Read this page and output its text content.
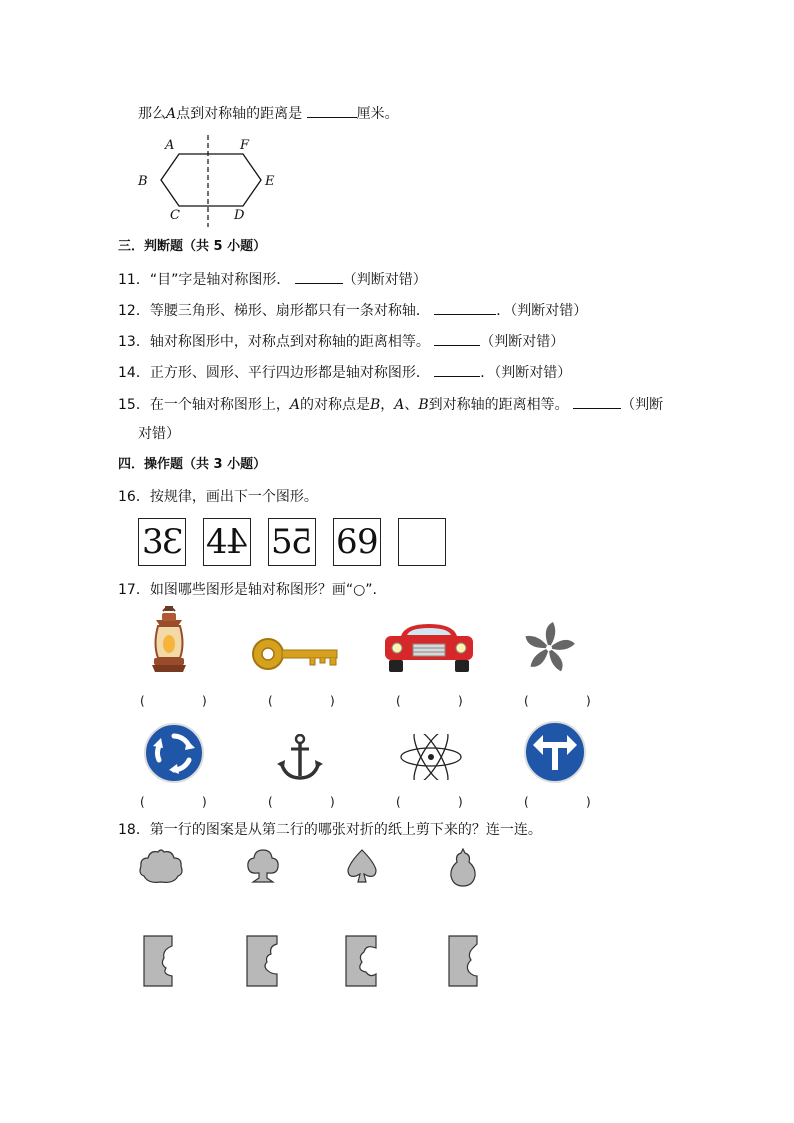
那么A点到对称轴的距离是	厘米。
A	F
B	E
C	D
三．判断题（共 5 小题）
11．“目”字是轴对称图形．	（判断对错）
12．等腰三角形、梯形、扇形都只有一条对称轴．	．（判断对错）
13．轴对称图形中，对称点到对称轴的距离相等。	（判断对错）
14．正方形、圆形、平行四边形都是轴对称图形．	．（判断对错）
15．在一个轴对称图形上，A的对称点是B，A、B到对称轴的距离相等。	（判断
对错）
四．操作题（共 3 小题）
16．按规律，画出下一个图形。
3
Ɛ 4
4 5
5 6 9
17．如图哪些图形是轴对称图形？画“○”.
(	)	(	)	(	)	(	)
(	)	(	)	(	)	(	)
18．第一行的图案是从第二行的哪张对折的纸上剪下来的？连一连。
